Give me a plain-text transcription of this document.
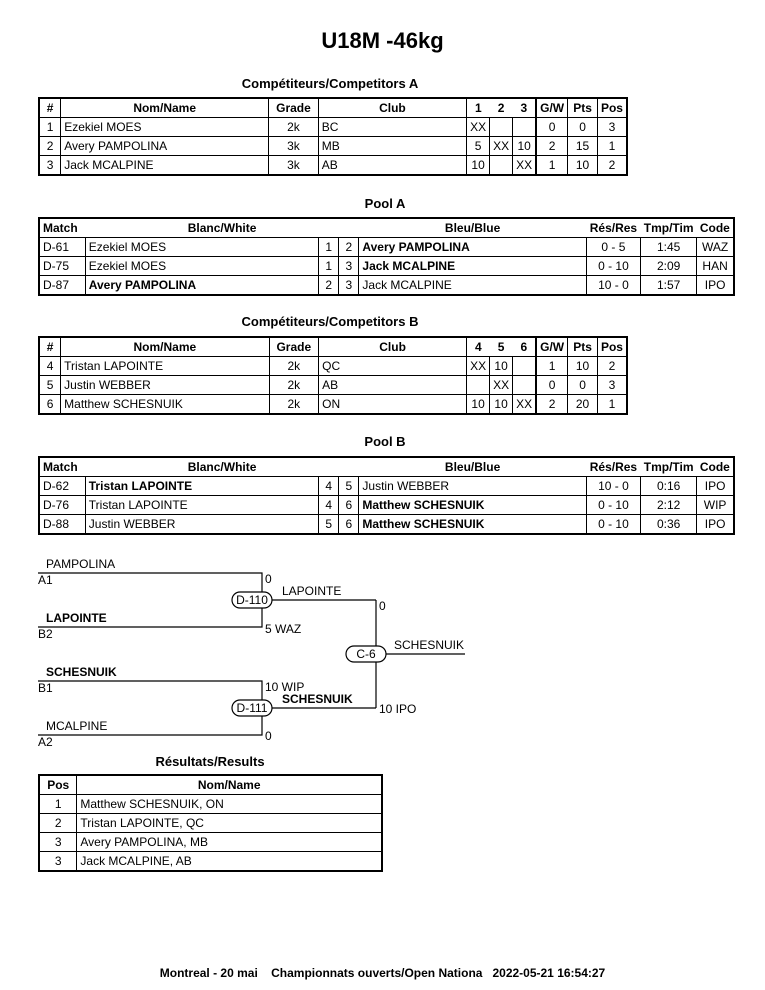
U18M -46kg
Compétiteurs/Competitors A
#	Nom/Name	Grade	Club	1	2	3	G/W	Pts	Pos
1	Ezekiel MOES	2k	BC	XX			0	0	3
2	Avery PAMPOLINA	3k	MB	5	XX	10	2	15	1
3	Jack MCALPINE	3k	AB	10		XX	1	10	2
Pool A
Match	Blanc/White			Bleu/Blue	Rés/Res	Tmp/Tim	Code
D-61	Ezekiel MOES	1	2	Avery PAMPOLINA	0 - 5	1:45	WAZ
D-75	Ezekiel MOES	1	3	Jack MCALPINE	0 - 10	2:09	HAN
D-87	Avery PAMPOLINA	2	3	Jack MCALPINE	10 - 0	1:57	IPO
Compétiteurs/Competitors B
#	Nom/Name	Grade	Club	4	5	6	G/W	Pts	Pos
4	Tristan LAPOINTE	2k	QC	XX	10		1	10	2
5	Justin WEBBER	2k	AB		XX		0	0	3
6	Matthew SCHESNUIK	2k	ON	10	10	XX	2	20	1
Pool B
Match	Blanc/White			Bleu/Blue	Rés/Res	Tmp/Tim	Code
D-62	Tristan LAPOINTE	4	5	Justin WEBBER	10 - 0	0:16	IPO
D-76	Tristan LAPOINTE	4	6	Matthew SCHESNUIK	0 - 10	2:12	WIP
D-88	Justin WEBBER	5	6	Matthew SCHESNUIK	0 - 10	0:36	IPO
PAMPOLINA
A1	0
LAPOINTE
B2	5 WAZ
D-110
LAPOINTE
SCHESNUIK
B1	10 WIP
MCALPINE
A2	0
D-111
SCHESNUIK
0
10 IPO
C-6
SCHESNUIK
Résultats/Results
Pos	Nom/Name
1	Matthew SCHESNUIK, ON
2	Tristan LAPOINTE, QC
3	Avery PAMPOLINA, MB
3	Jack MCALPINE, AB
Montreal - 20 mai    Championnats ouverts/Open Nationa   2022-05-21 16:54:27
